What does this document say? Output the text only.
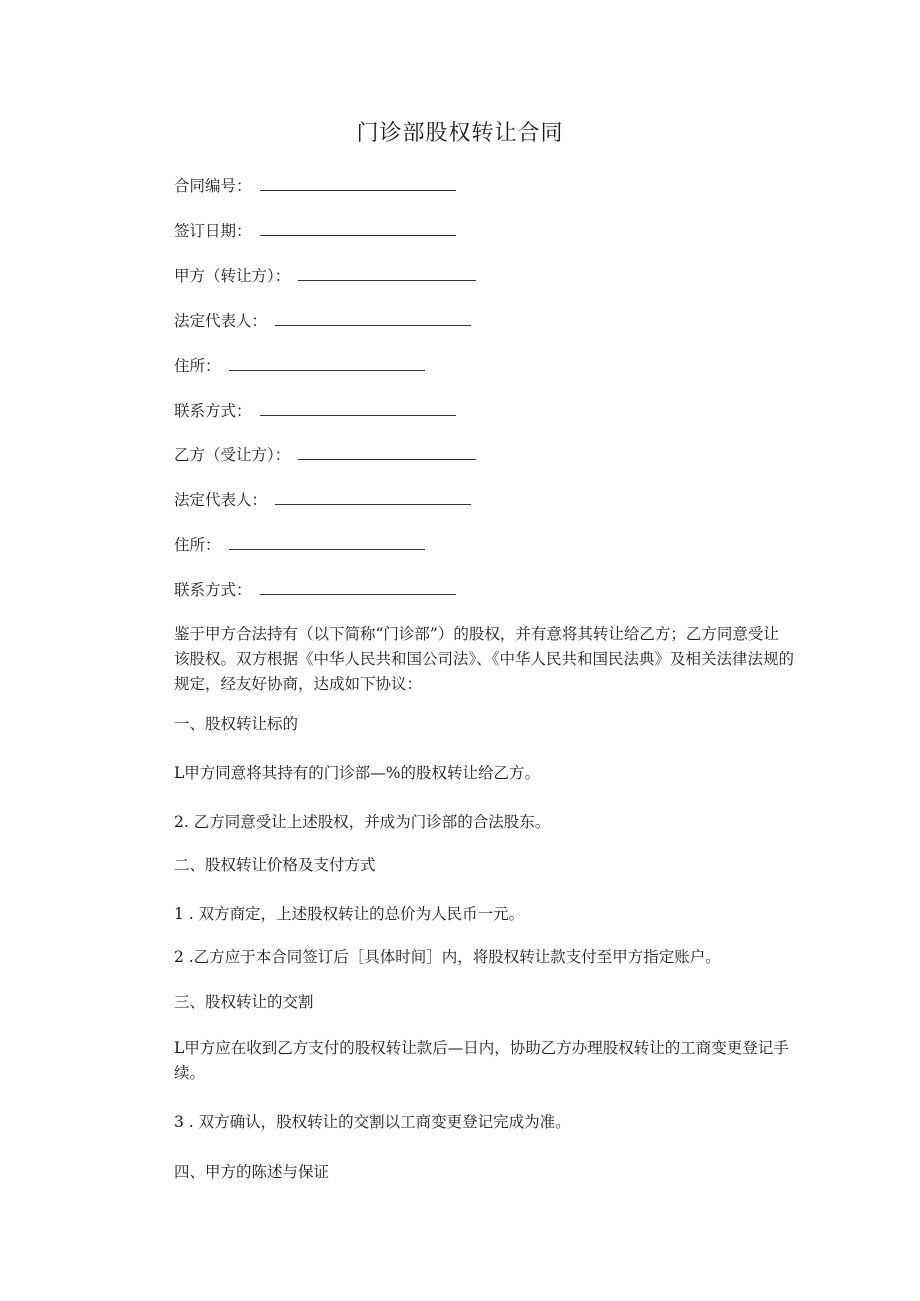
门诊部股权转让合同
合同编号：
签订日期：
甲方（转让方）：
法定代表人：
住所：
联系方式：
乙方（受让方）：
法定代表人：
住所：
联系方式：
鉴于甲方合法持有（以下简称“门诊部”）的股权，并有意将其转让给乙方；乙方同意受让该股权。双方根据《中华人民共和国公司法》、《中华人民共和国民法典》及相关法律法规的规定，经友好协商，达成如下协议：
一、股权转让标的
L甲方同意将其持有的门诊部—%的股权转让给乙方。
2. 乙方同意受让上述股权，并成为门诊部的合法股东。
二、股权转让价格及支付方式
1 . 双方商定，上述股权转让的总价为人民币一元。
2 .乙方应于本合同签订后［具体时间］内，将股权转让款支付至甲方指定账户。
三、股权转让的交割
L甲方应在收到乙方支付的股权转让款后—日内，协助乙方办理股权转让的工商变更登记手续。
3 . 双方确认，股权转让的交割以工商变更登记完成为准。
四、甲方的陈述与保证
